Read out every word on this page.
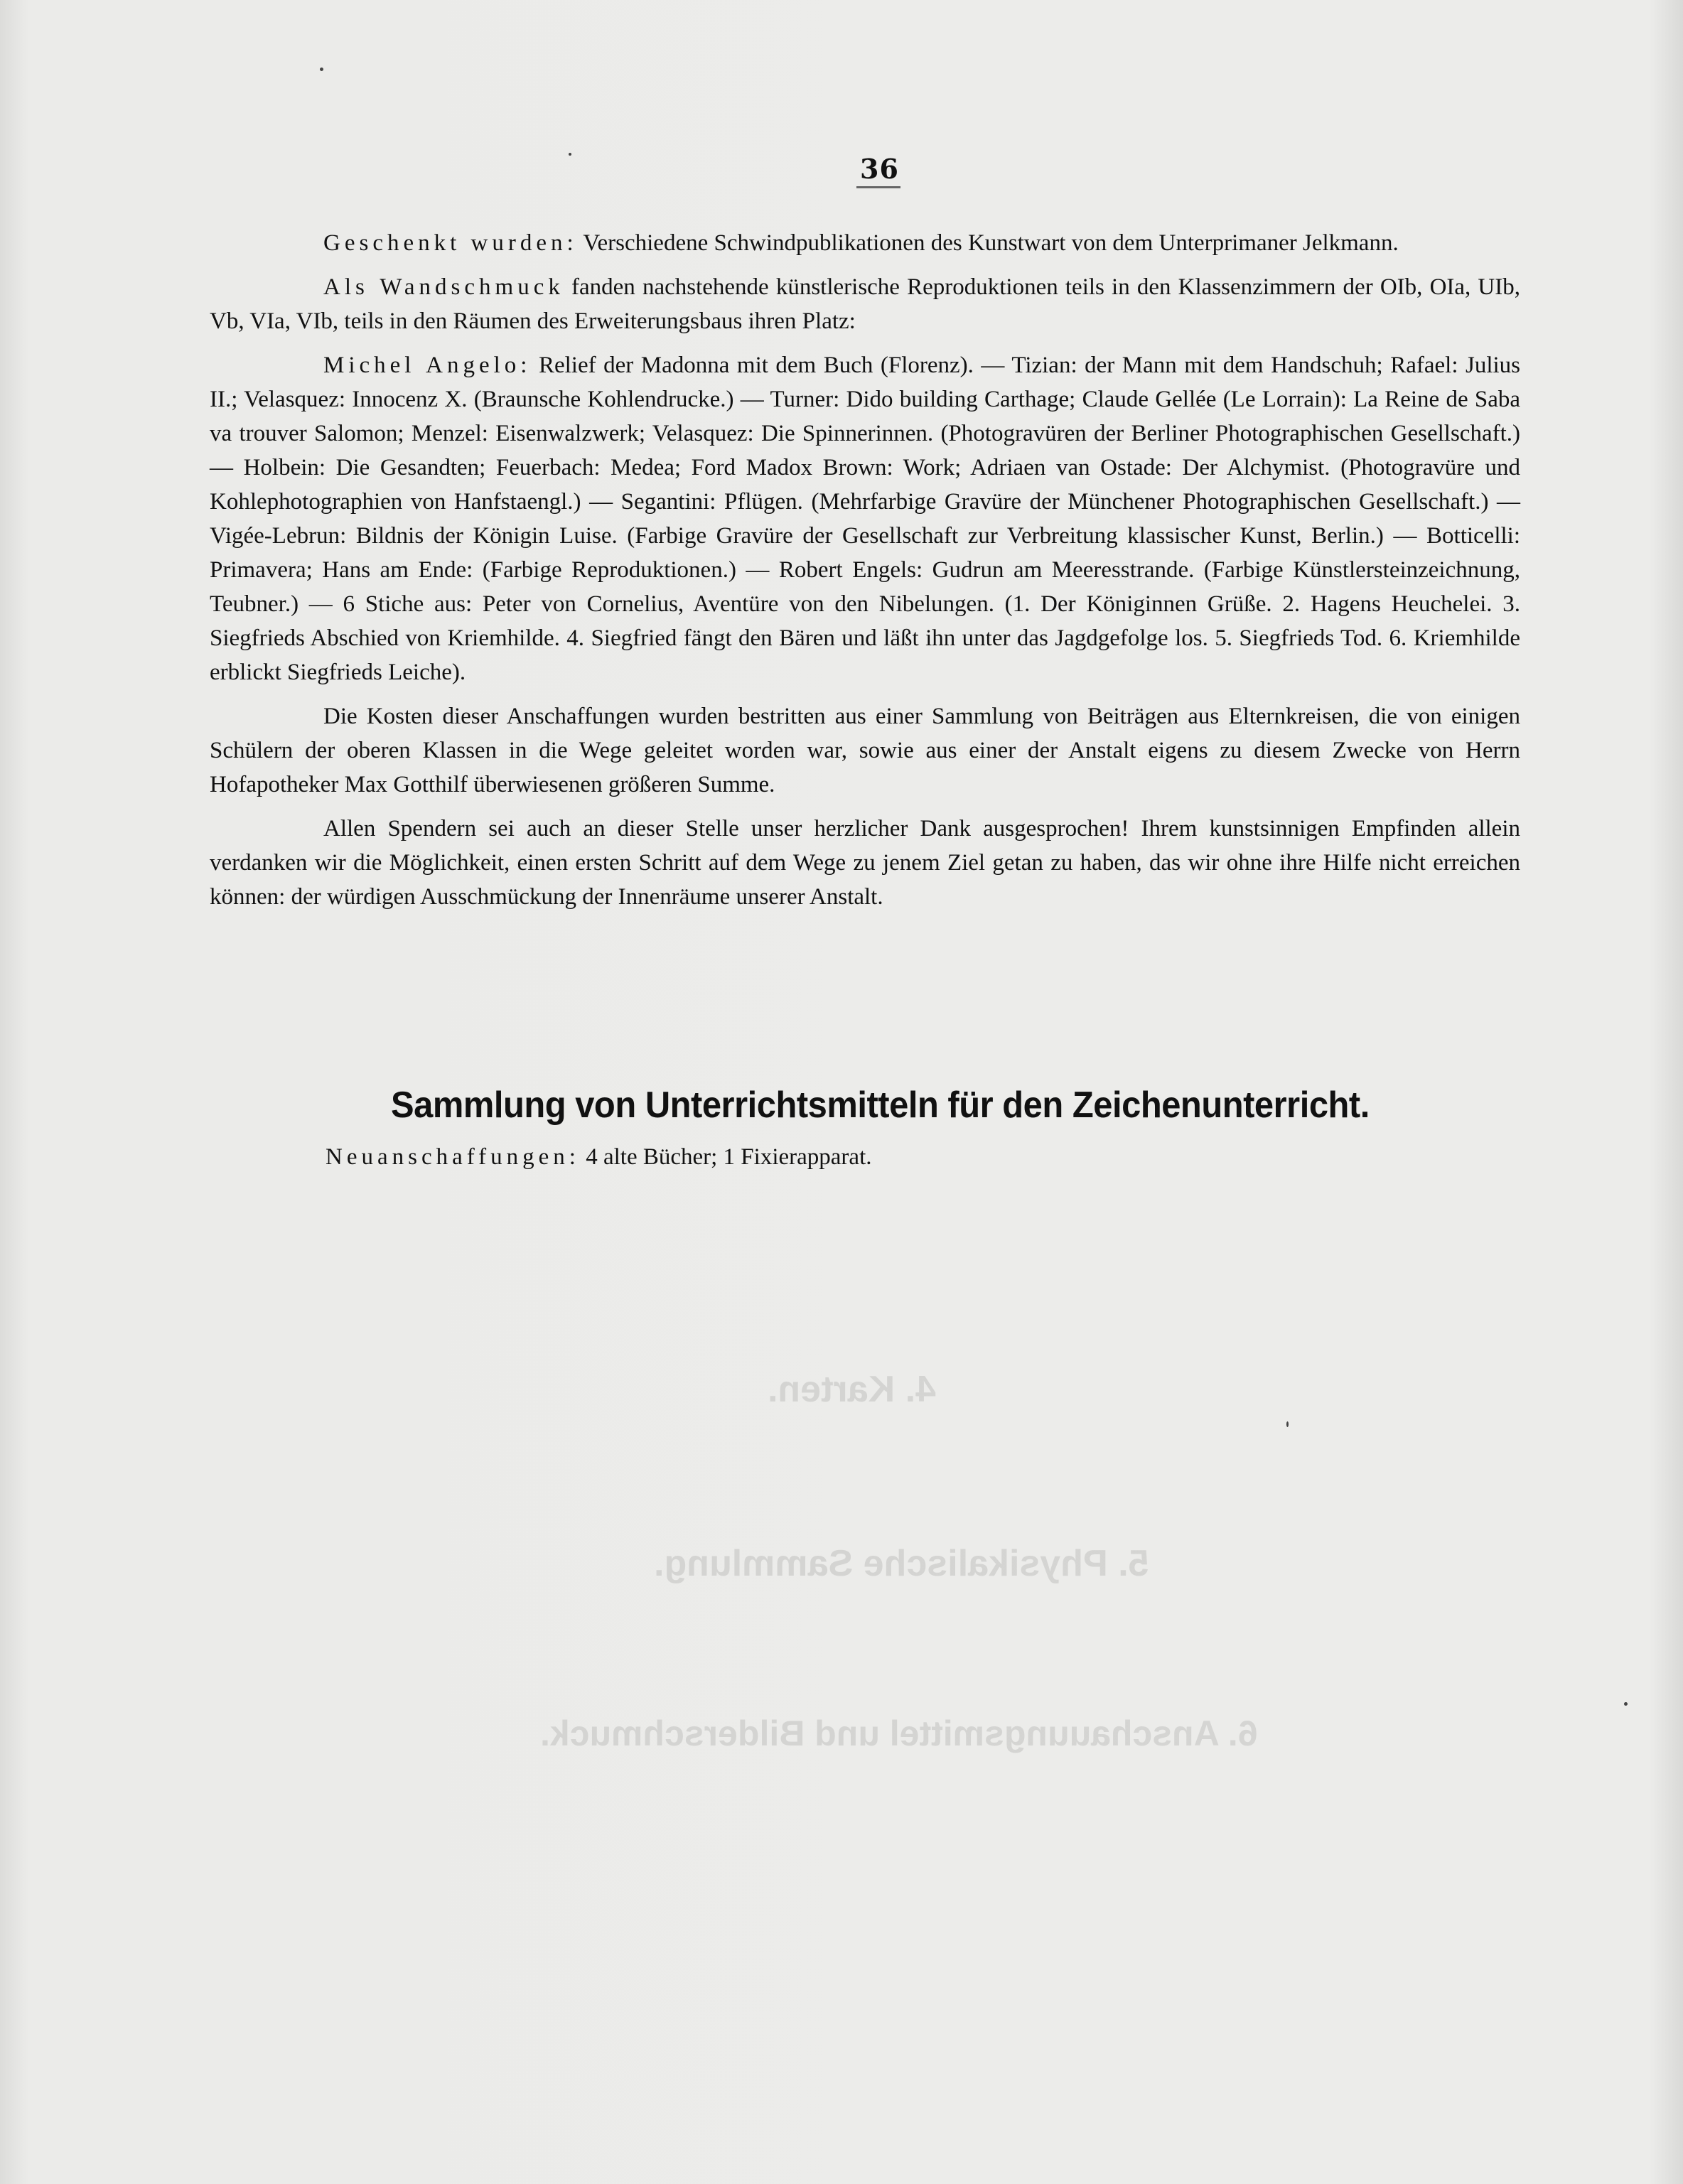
4. Karten.
5. Physikalische Sammlung.
6. Anschauungsmittel und Bilderschmuck.
36

Geschenkt wurden: Verschiedene Schwindpublikationen des Kunstwart von dem Unterprimaner Jelkmann.

Als Wandschmuck fanden nachstehende künstlerische Reproduktionen teils in den Klassenzimmern der OIb, OIa, UIb, Vb, VIa, VIb, teils in den Räumen des Erweiterungsbaus ihren Platz:

Michel Angelo: Relief der Madonna mit dem Buch (Florenz). — Tizian: der Mann mit dem Handschuh; Rafael: Julius II.; Velasquez: Innocenz X. (Braunsche Kohlendrucke.) — Turner: Dido building Carthage; Claude Gellée (Le Lorrain): La Reine de Saba va trouver Salomon; Menzel: Eisenwalzwerk; Velasquez: Die Spinnerinnen. (Photogravüren der Berliner Photographischen Gesellschaft.) — Holbein: Die Gesandten; Feuerbach: Medea; Ford Madox Brown: Work; Adriaen van Ostade: Der Alchymist. (Photogravüre und Kohlephotographien von Hanfstaengl.) — Segantini: Pflügen. (Mehrfarbige Gravüre der Münchener Photographischen Gesellschaft.) — Vigée-Lebrun: Bildnis der Königin Luise. (Farbige Gravüre der Gesellschaft zur Verbreitung klassischer Kunst, Berlin.) — Botticelli: Primavera; Hans am Ende: (Farbige Reproduktionen.) — Robert Engels: Gudrun am Meeresstrande. (Farbige Künstlersteinzeichnung, Teubner.) — 6 Stiche aus: Peter von Cornelius, Aventüre von den Nibelungen. (1. Der Königinnen Grüße. 2. Hagens Heuchelei. 3. Siegfrieds Abschied von Kriemhilde. 4. Siegfried fängt den Bären und läßt ihn unter das Jagdgefolge los. 5. Siegfrieds Tod. 6. Kriemhilde erblickt Siegfrieds Leiche).

Die Kosten dieser Anschaffungen wurden bestritten aus einer Sammlung von Beiträgen aus Elternkreisen, die von einigen Schülern der oberen Klassen in die Wege geleitet worden war, sowie aus einer der Anstalt eigens zu diesem Zwecke von Herrn Hofapotheker Max Gotthilf überwiesenen größeren Summe.

Allen Spendern sei auch an dieser Stelle unser herzlicher Dank ausgesprochen! Ihrem kunstsinnigen Empfinden allein verdanken wir die Möglichkeit, einen ersten Schritt auf dem Wege zu jenem Ziel getan zu haben, das wir ohne ihre Hilfe nicht erreichen können: der würdigen Ausschmückung der Innenräume unserer Anstalt.

Sammlung von Unterrichtsmitteln für den Zeichenunterricht.
Neuanschaffungen: 4 alte Bücher; 1 Fixierapparat.
